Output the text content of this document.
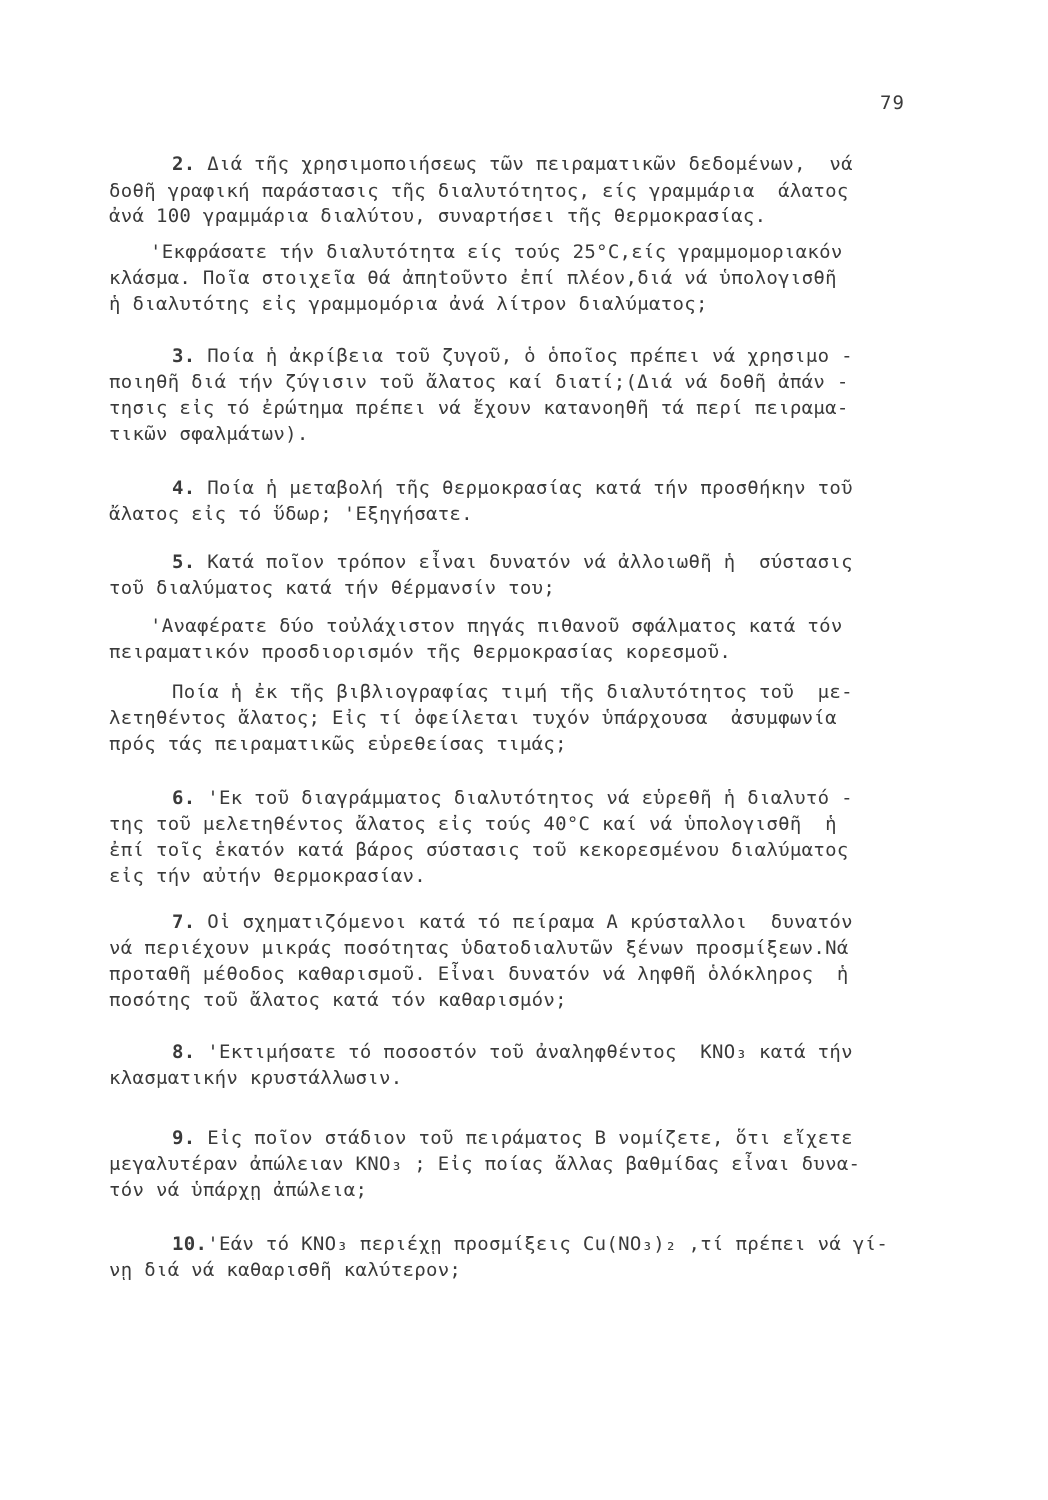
79
2. Διά τῆς χρησιμοποιήσεως τῶν πειραματικῶν δεδομένων,  νά
δοθῆ γραφική παράστασις τῆς διαλυτότητος, είς γραμμάρια  άλατος
ἀνά 100 γραμμάρια διαλύτου, συναρτήσει τῆς θερμοκρασίας.
'Εκφράσατε τήν διαλυτότητα είς τούς 25°C,είς γραμμομοριακόν
κλάσμα. Ποῖα στοιχεῖα θά ἀπηtοῦντο ἐπί πλέον,διά νά ὑπολογισθῆ
ἡ διαλυτότης εἰς γραμμομόρια ἀνά λίτρον διαλύματος;
3. Ποία ἡ ἀκρίβεια τοῦ ζυγοῦ, ὁ ὁποῖος πρέπει νά χρησιμο -
ποιηθῆ διά τήν ζύγισιν τοῦ ἄλατος καί διατί;(Διά νά δοθῆ ἀπάν -
τησις εἰς τό ἐρώτημα πρέπει νά ἔχουν κατανοηθῆ τά περί πειραμα-
τικῶν σφαλμάτων).
4. Ποία ἡ μεταβολή τῆς θερμοκρασίας κατά τήν προσθήκην τοῦ
ἄλατος εἰς τό ὕδωρ; 'Εξηγήσατε.
5. Κατά ποῖον τρόπον εἶναι δυνατόν νά ἀλλοιωθῆ ἡ  σύστασις
τοῦ διαλύματος κατά τήν θέρμανσίν του;
'Αναφέρατε δύο τοὐλάχιστον πηγάς πιθανοῦ σφάλματος κατά τόν
πειραματικόν προσδιορισμόν τῆς θερμοκρασίας κορεσμοῦ.
Ποία ἡ ἐκ τῆς βιβλιογραφίας τιμή τῆς διαλυτότητος τοῦ  με-
λετηθέντος ἄλατος; Εἰς τί ὀφείλεται τυχόν ὑπάρχουσα  ἀσυμφωνία
πρός τάς πειραματικῶς εὑρεθείσας τιμάς;
6. 'Εκ τοῦ διαγράμματος διαλυτότητος νά εὑρεθῆ ἡ διαλυτό -
της τοῦ μελετηθέντος ἄλατος εἰς τούς 40°C καί νά ὑπολογισθῆ  ἡ
ἐπί τοῖς ἑκατόν κατά βάρος σύστασις τοῦ κεκορεσμένου διαλύματος
εἰς τήν αὐτήν θερμοκρασίαν.
7. Οἱ σχηματιζόμενοι κατά τό πείραμα Α κρύσταλλοι  δυνατόν
νά περιέχουν μικράς ποσότητας ὑδατοδιαλυτῶν ξένων προσμίξεων.Νά
προταθῆ μέθοδος καθαρισμοῦ. Εἶναι δυνατόν νά ληφθῆ ὁλόκληρος  ἡ
ποσότης τοῦ ἄλατος κατά τόν καθαρισμόν;
8. 'Εκτιμήσατε τό ποσοστόν τοῦ ἀναληφθέντος  KNO₃ κατά τήν
κλασματικήν κρυστάλλωσιν.
9. Εἰς ποῖον στάδιον τοῦ πειράματος Β νομίζετε, ὅτι εἴχετε
μεγαλυτέραν ἀπώλειαν KNO₃ ; Εἰς ποίας ἄλλας βαθμίδας εἶναι δυνα-
τόν νά ὑπάρχῃ ἀπώλεια;
10.'Εάν τό KNO₃ περιέχῃ προσμίξεις Cu(NO₃)₂ ,τί πρέπει νά γί-
νῃ διά νά καθαρισθῆ καλύτερον;
